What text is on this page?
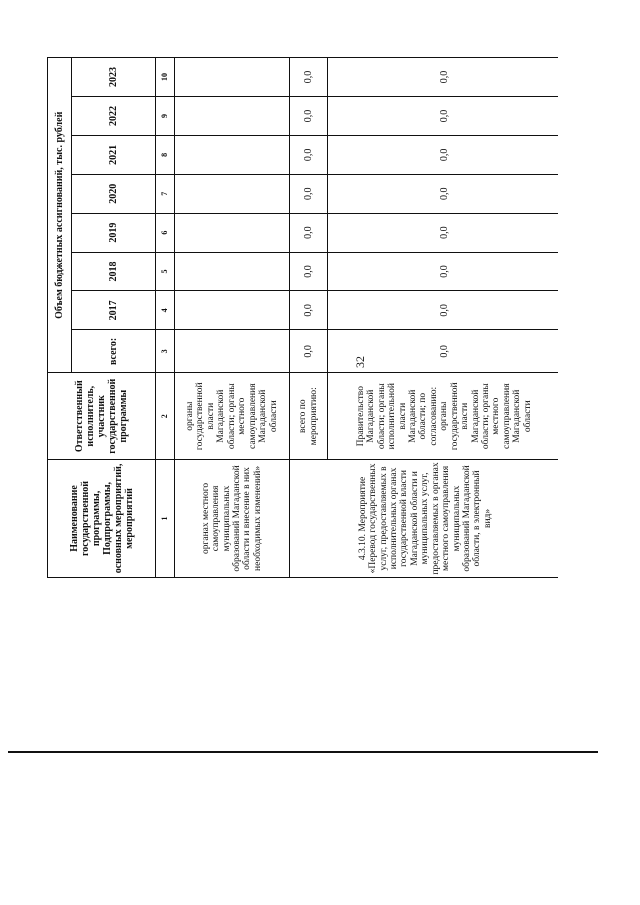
32
Наименование государственной программы, Подпрограммы, основных мероприятий, мероприятий	Ответственный исполнитель, участник государственной программы	Объем бюджетных ассигнований, тыс. рублей							
		всего:	2017	2018	2019	2020	2021	2022	2023
1	2	3	4	5	6	7	8	9	10
органах местного самоуправления муниципальных образований Магаданской области и внесение в них необходимых изменений»	органы государственной власти Магаданской области; органы местного самоуправления Магаданской области								
4.3.10. Мероприятие «Перевод государственных услуг, предоставляемых в исполнительных органах государственной власти Магаданской области и муниципальных услуг, предоставляемых в органах местного самоуправления муниципальных образований Магаданской области, в электронный вид»	всего по мероприятию:	0,0	0,0	0,0	0,0	0,0	0,0	0,0	0,0
	Правительство Магаданской области; органы исполнительной власти Магаданской области; по согласованию: органы государственной власти Магаданской области; органы местного самоуправления Магаданской области	0,0	0,0	0,0	0,0	0,0	0,0	0,0	0,0
